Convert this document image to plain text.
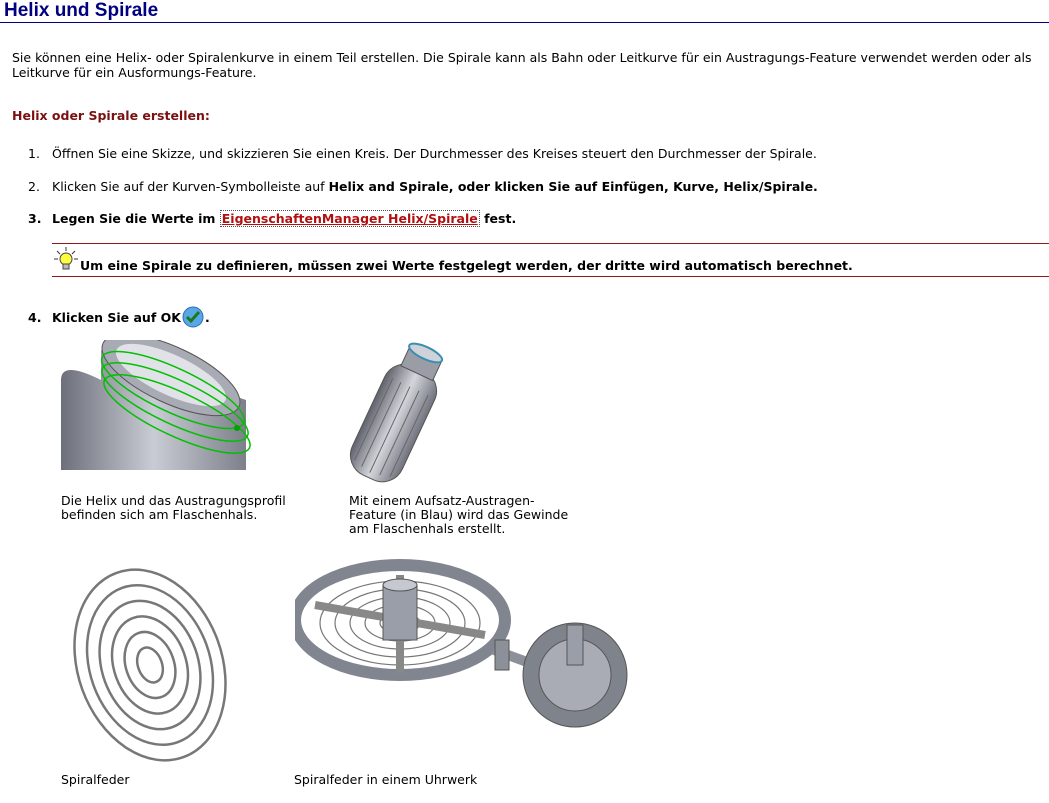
Helix und Spirale
Sie können eine Helix- oder Spiralenkurve in einem Teil erstellen. Die Spirale kann als Bahn oder Leitkurve für ein Austragungs-Feature verwendet werden oder als Leitkurve für ein Ausformungs-Feature.
Helix oder Spirale erstellen:
1. Öffnen Sie eine Skizze, und skizzieren Sie einen Kreis. Der Durchmesser des Kreises steuert den Durchmesser der Spirale.
2. Klicken Sie auf der Kurven-Symbolleiste auf Helix and Spirale, oder klicken Sie auf Einfügen, Kurve, Helix/Spirale.
3. Legen Sie die Werte im EigenschaftenManager Helix/Spirale fest.
Um eine Spirale zu definieren, müssen zwei Werte festgelegt werden, der dritte wird automatisch berechnet.
4. Klicken Sie auf OK .
Die Helix und das Austragungsprofil
befinden sich am Flaschenhals.
Mit einem Aufsatz-Austragen-
Feature (in Blau) wird das Gewinde
am Flaschenhals erstellt.
Spiralfeder	Spiralfeder in einem Uhrwerk
